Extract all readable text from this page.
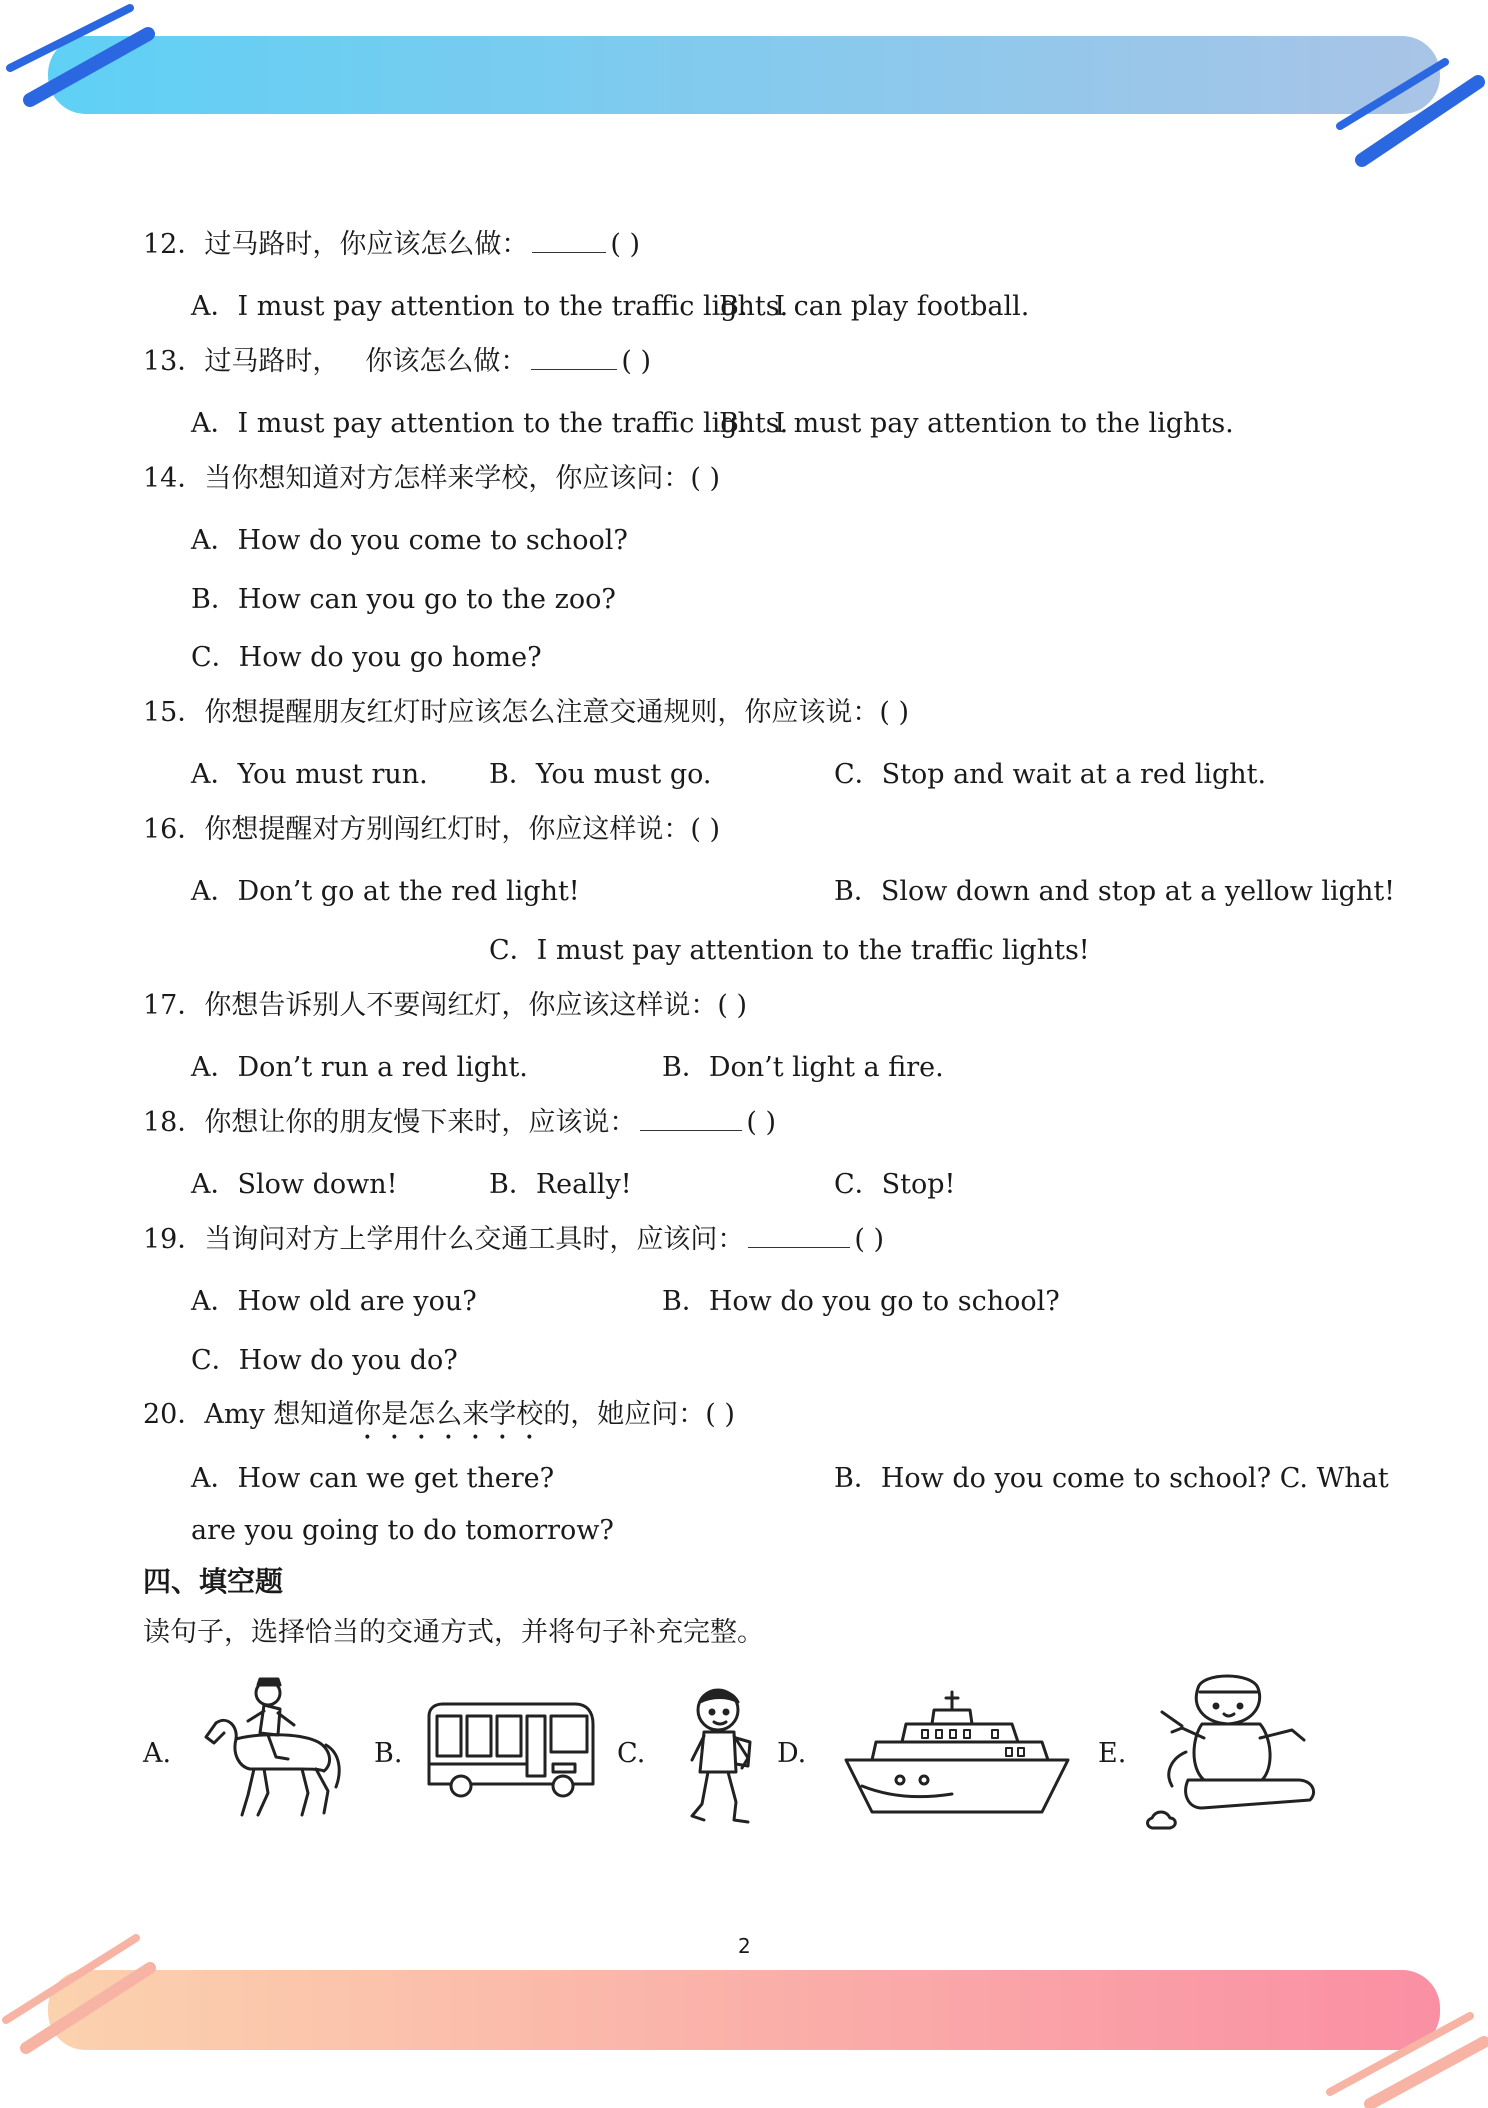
12．过马路时，你应该怎么做：	( )
A．I must pay attention to the traffic lights.
B． I can play football.
13．过马路时， 你该怎么做：	( )
A．I must pay attention to the traffic lights.
B． I must pay attention to the lights.
14．当你想知道对方怎样来学校，你应该问：( )
A．How do you come to school?
B．How can you go to the zoo?
C．How do you go home?
15．你想提醒朋友红灯时应该怎么注意交通规则，你应该说：( )
A．You must run. B．You must go.	C．Stop and wait at a red light.
16．你想提醒对方别闯红灯时，你应这样说：( )
A．Don’t go at the red light!	B．Slow down and stop at a yellow light!
C．I must pay attention to the traffic lights!
17．你想告诉别人不要闯红灯，你应该这样说：( )
A．Don’t run a red light.	B．Don’t light a fire.
18．你想让你的朋友慢下来时，应该说：	( )
A．Slow down!	B．Really!	C．Stop!
19．当询问对方上学用什么交通工具时，应该问：	( )
A．How old are you?	B．How do you go to school?
C．How do you do?
20．Amy 想知道你是怎么来学校的，她应问：( )
A．How can we get there?	B．How do you come to school? C. What
are you going to do tomorrow?
四、填空题
读句子，选择恰当的交通方式，并将句子补充完整。
A.	B.	C.	D.	E.
2
